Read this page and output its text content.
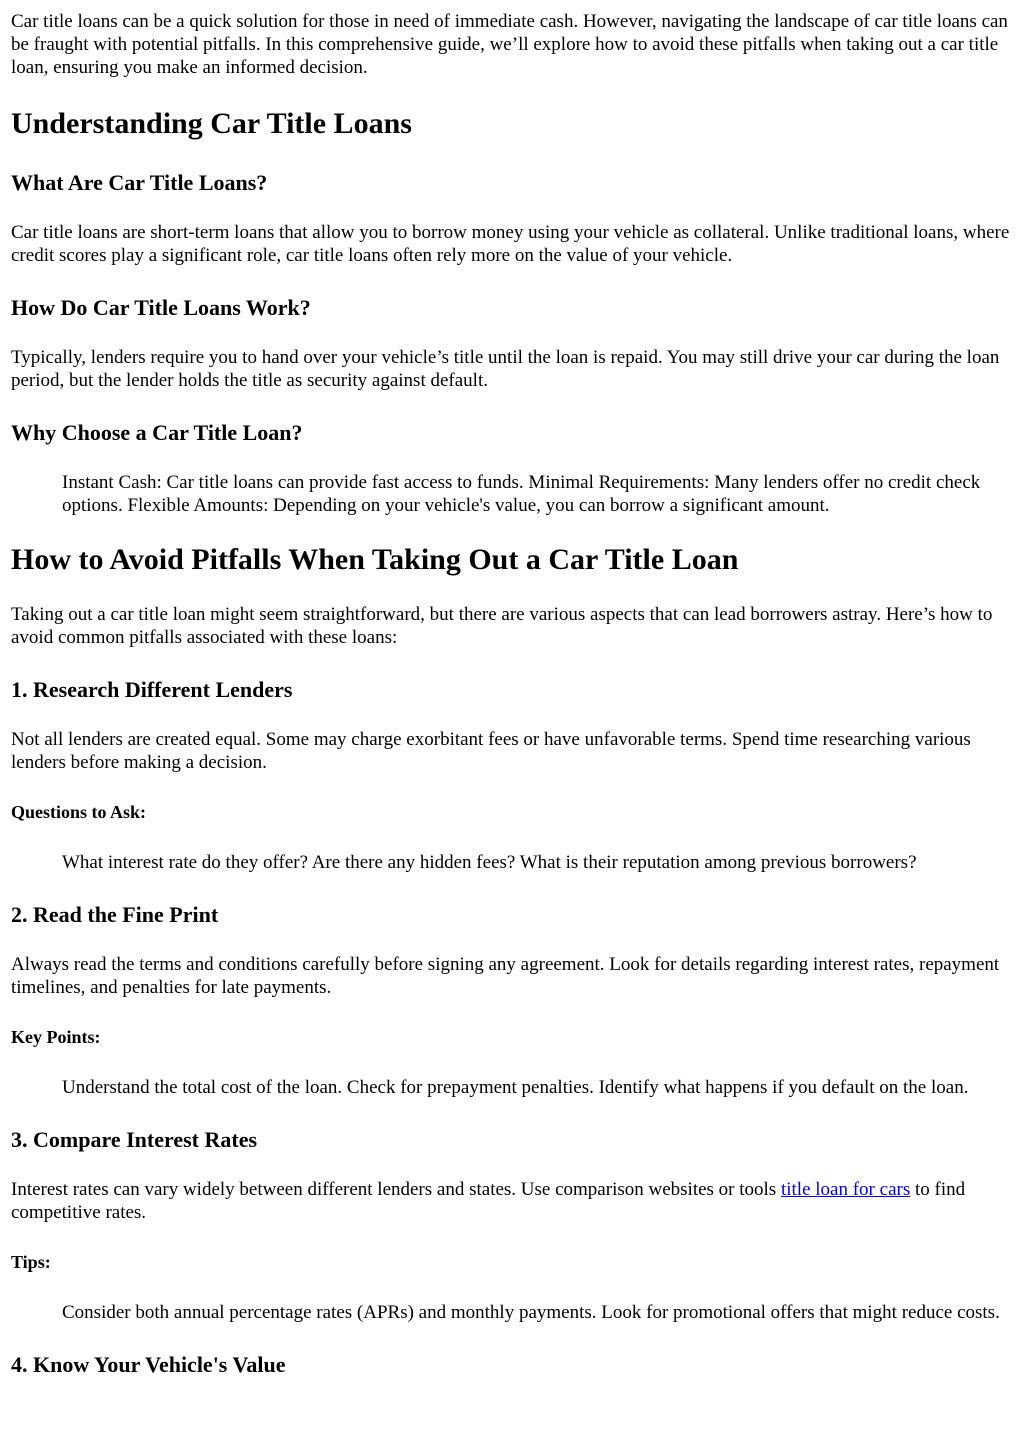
Car title loans can be a quick solution for those in need of immediate cash. However, navigating the landscape of car title loans can be fraught with potential pitfalls. In this comprehensive guide, we’ll explore how to avoid these pitfalls when taking out a car title loan, ensuring you make an informed decision.

Understanding Car Title Loans
What Are Car Title Loans?

Car title loans are short-term loans that allow you to borrow money using your vehicle as collateral. Unlike traditional loans, where credit scores play a significant role, car title loans often rely more on the value of your vehicle.

How Do Car Title Loans Work?

Typically, lenders require you to hand over your vehicle’s title until the loan is repaid. You may still drive your car during the loan period, but the lender holds the title as security against default.

Why Choose a Car Title Loan?

Instant Cash: Car title loans can provide fast access to funds. Minimal Requirements: Many lenders offer no credit check options. Flexible Amounts: Depending on your vehicle's value, you can borrow a significant amount.

How to Avoid Pitfalls When Taking Out a Car Title Loan

Taking out a car title loan might seem straightforward, but there are various aspects that can lead borrowers astray. Here’s how to avoid common pitfalls associated with these loans:

1. Research Different Lenders

Not all lenders are created equal. Some may charge exorbitant fees or have unfavorable terms. Spend time researching various lenders before making a decision.

Questions to Ask:

What interest rate do they offer? Are there any hidden fees? What is their reputation among previous borrowers?

2. Read the Fine Print

Always read the terms and conditions carefully before signing any agreement. Look for details regarding interest rates, repayment timelines, and penalties for late payments.

Key Points:

Understand the total cost of the loan. Check for prepayment penalties. Identify what happens if you default on the loan.

3. Compare Interest Rates

Interest rates can vary widely between different lenders and states. Use comparison websites or tools title loan for cars to find competitive rates.

Tips:

Consider both annual percentage rates (APRs) and monthly payments. Look for promotional offers that might reduce costs.

4. Know Your Vehicle's Value
